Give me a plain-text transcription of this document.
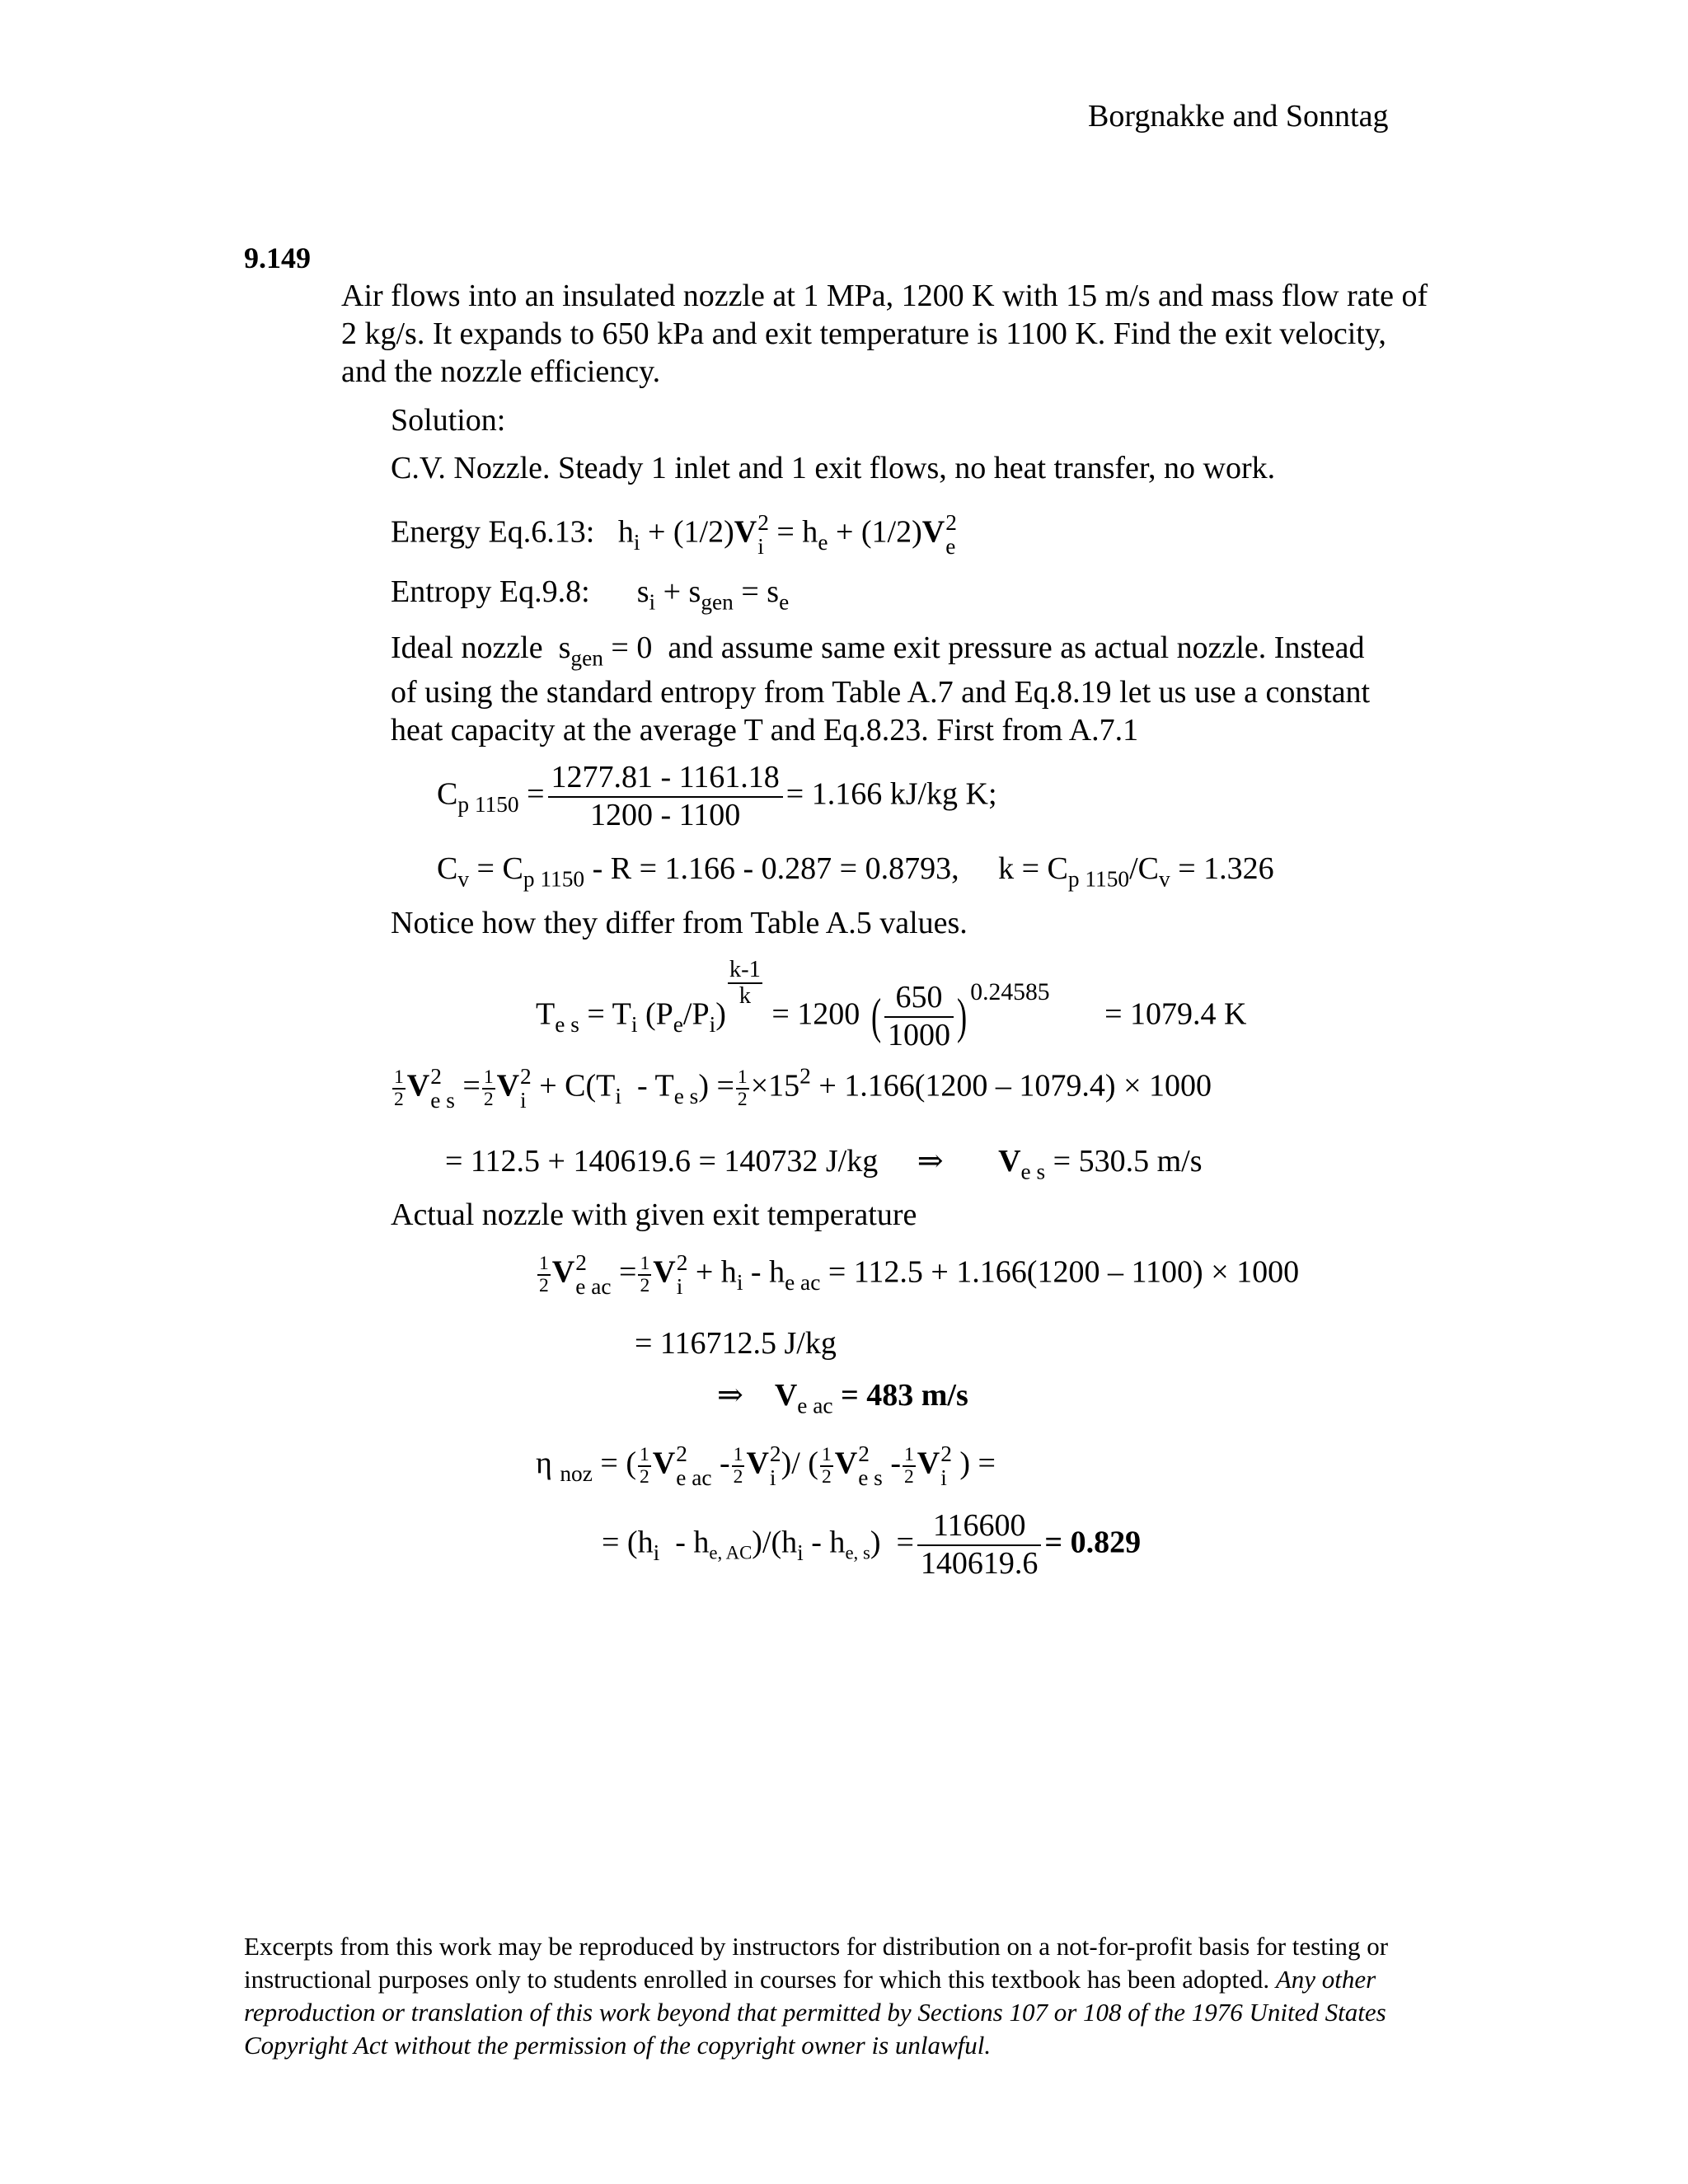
Borgnakke and Sonntag
9.149
Air flows into an insulated nozzle at 1 MPa, 1200 K with 15 m/s and mass flow rate of 2 kg/s. It expands to 650 kPa and exit temperature is 1100 K. Find the exit velocity, and the nozzle efficiency.
Solution:
C.V. Nozzle. Steady 1 inlet and 1 exit flows, no heat transfer, no work.
Energy Eq.6.13:   $h_i + (1/2)V$ 2
$i = h_e + (1/2)V$ 2
e
Entropy Eq.9.8:      $s_i + s_{gen} = s_e$
Ideal nozzle  $s_{gen} = 0$  and assume same exit pressure as actual nozzle. Instead
of using the standard entropy from Table A.7 and Eq.8.19 let us use a constant
heat capacity at the average T and Eq.8.23. First from A.7.1
$C_{p 1150} = \frac{1277.81 - 1161.18}{1200 - 1100} = 1.166$ kJ/kg K;
$C_v = C_{p 1150} - R = 1.166 - 0.287 = 0.8793$,     $k = C_{p 1150}/C_v = 1.326$
Notice how they differ from Table A.5 values.
$T_{e s} = T_i$ $(P_e/P_i)$
$\frac{k-1}{k}$
= 1200 ( $\frac{650}{1000}$ ) $^{0.24585}$       = 1079.4 K
$\frac{1}{2}$ V 2
e $s = \frac{1}{2}$ V 2
$i + C(T_i - T_{e s}) = \frac{1}{2} \times 15^2 + 1.166(1200 - 1079.4) \times 1000$
= 112.5 + 140619.6 = 140732 J/kg     ⇒       $V_{e s} = 530.5$ m/s
Actual nozzle with given exit temperature
$\frac{1}{2}$ V 2
e ac = $\frac{1}{2}$ V 2
$i + h_i - h_{e ac} = 112.5 + 1.166(1200 - 1100) \times 1000$
= 116712.5 J/kg
⇒    $V_{e ac} = 483$ m/s
η $_{noz}$ = ( $\frac{1}{2}$ V 2
e ac - $\frac{1}{2}$ V 2
i )/ ( $\frac{1}{2}$ V 2
e s - $\frac{1}{2}$ V 2
i ) =
= $(h_i - h_{e, AC})/(h_i - h_{e, s}) = \frac{116600}{140619.6} = 0.829$
Excerpts from this work may be reproduced by instructors for distribution on a not-for-profit basis for testing or instructional purposes only to students enrolled in courses for which this textbook has been adopted. Any other reproduction or translation of this work beyond that permitted by Sections 107 or 108 of the 1976 United States Copyright Act without the permission of the copyright owner is unlawful.
